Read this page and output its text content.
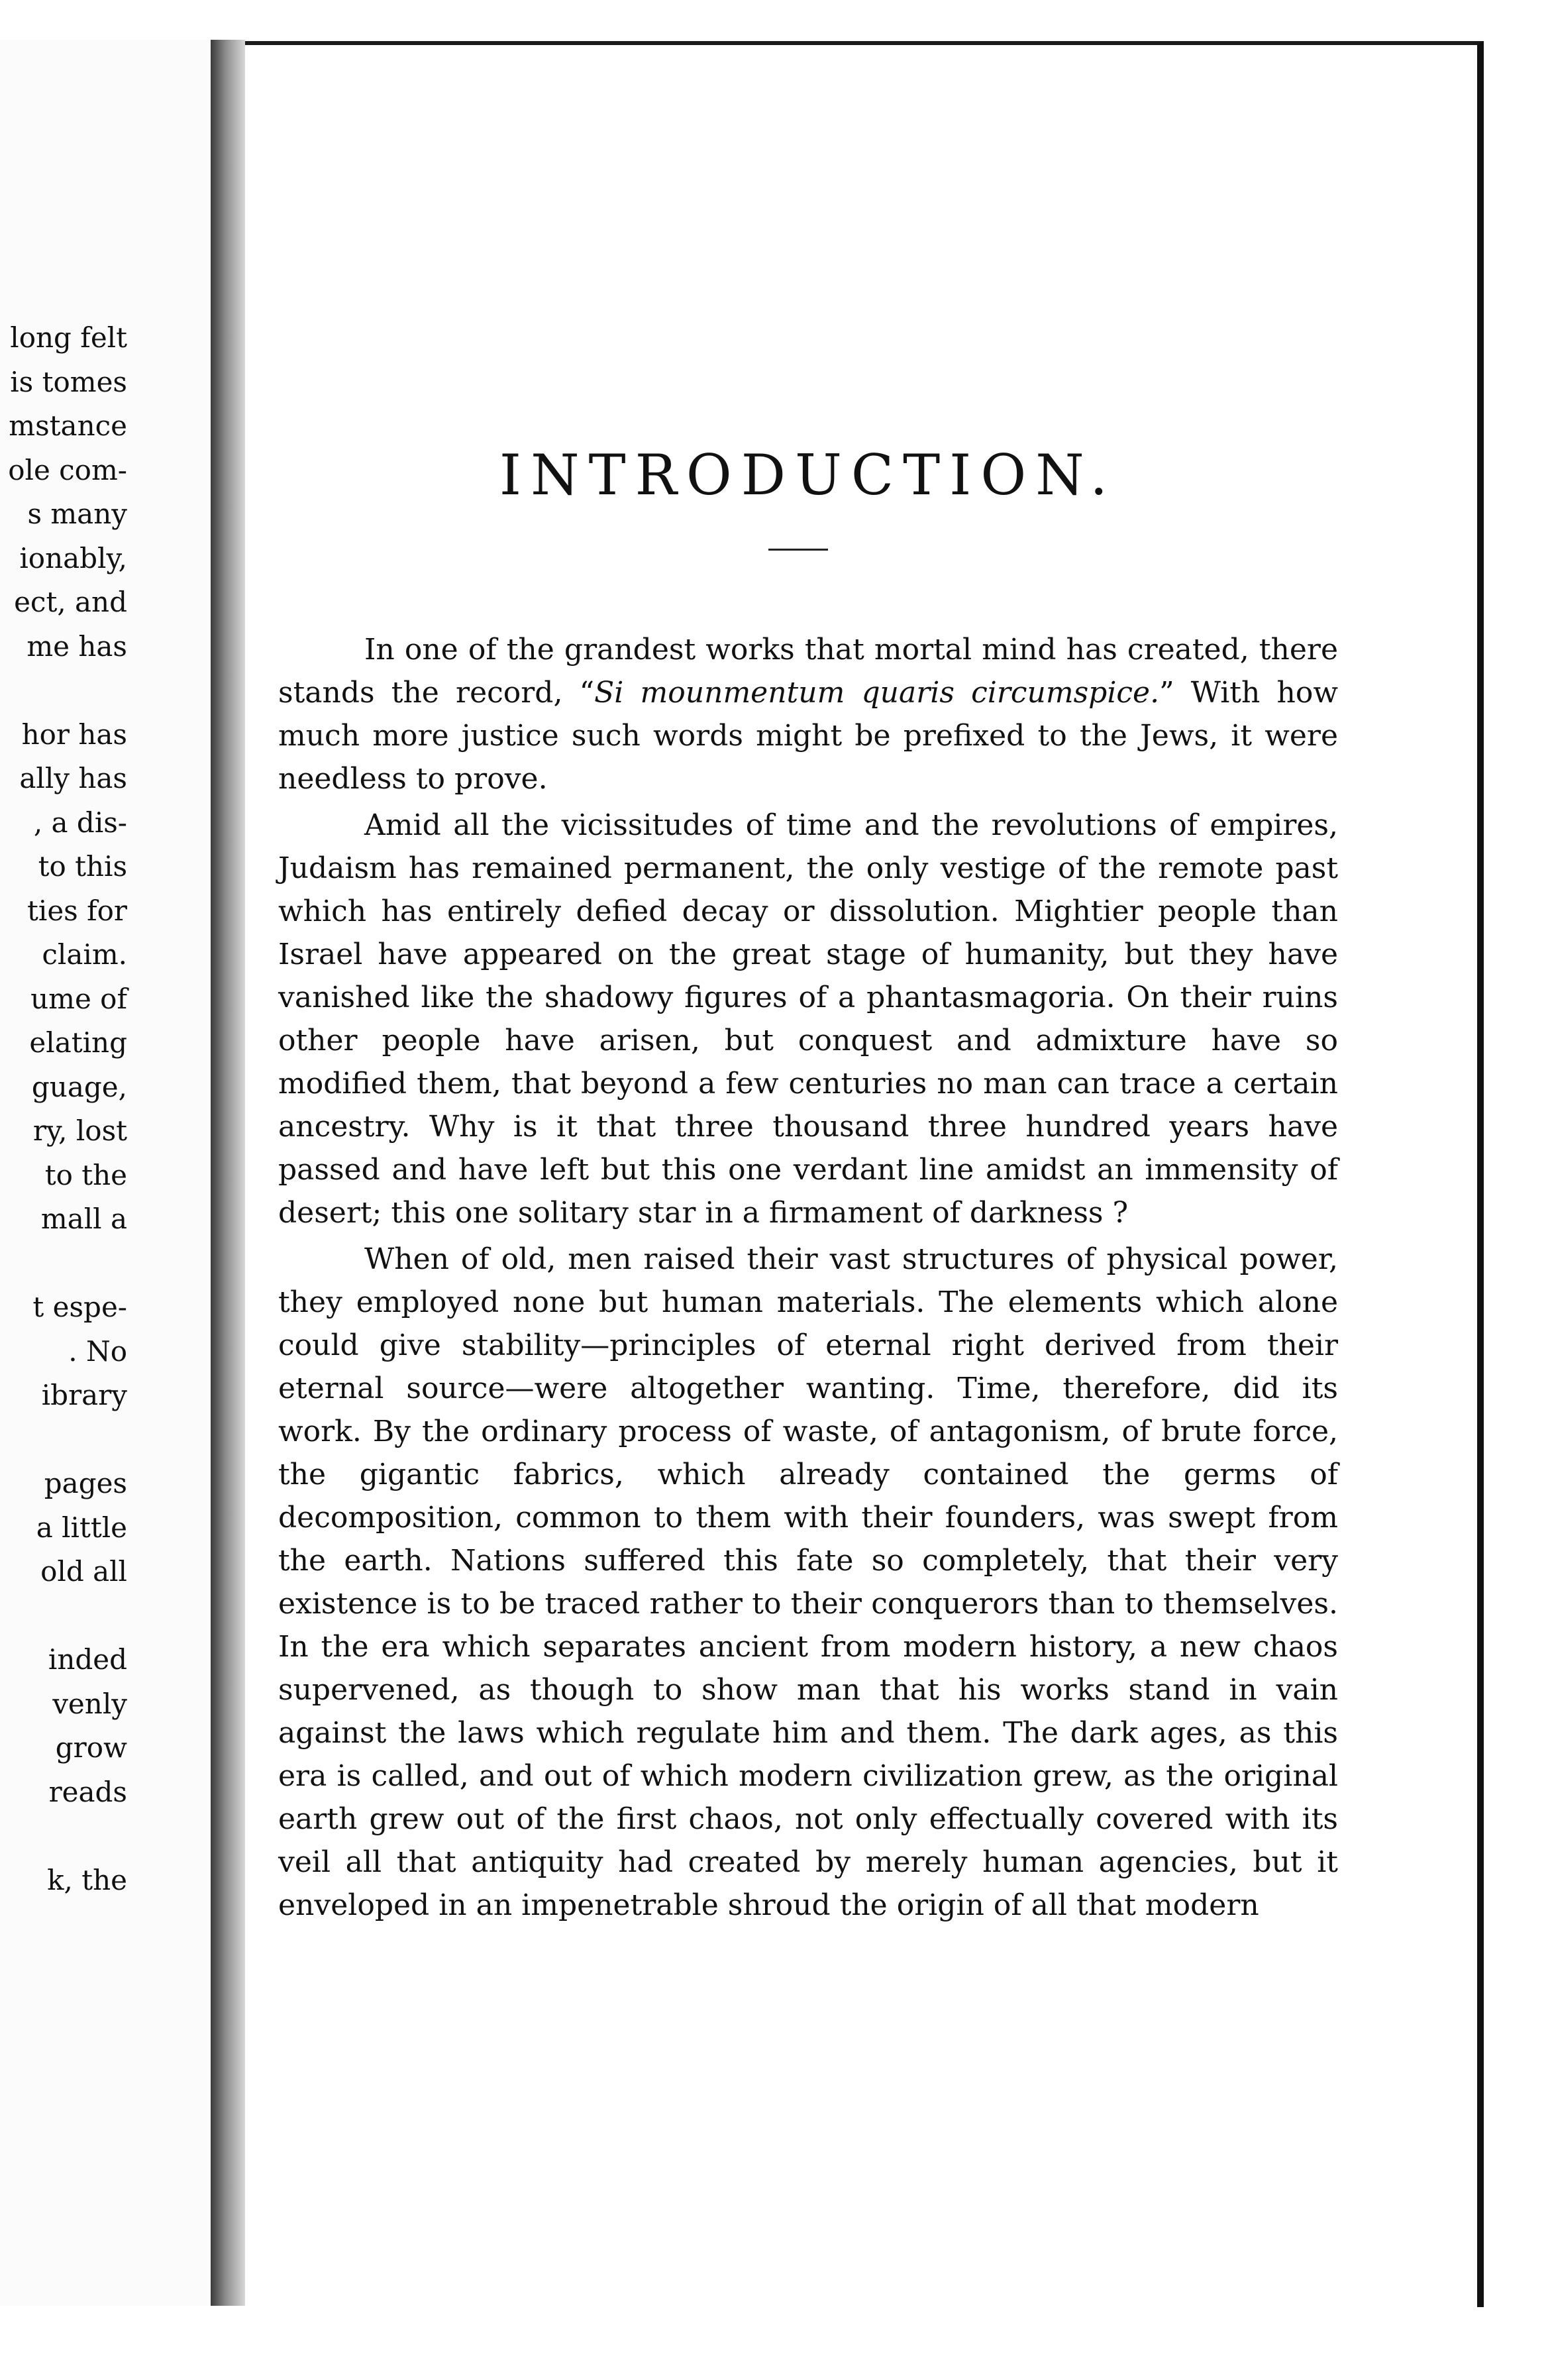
long felt
is tomes
mstance
ole com-
s many
ionably,
ect, and
me has
hor has
ally has
, a dis-
to this
ties for
claim.
ume of
elating
guage,
ry, lost
to the
mall a
t espe-
. No
ibrary
pages
a little
old all
inded
venly
grow
reads
k, the
INTRODUCTION.

In one of the grandest works that mortal mind has created, there stands the record, “Si mounmentum quaris circumspice.” With how much more justice such words might be prefixed to the Jews, it were needless to prove.

Amid all the vicissitudes of time and the revolutions of empires, Judaism has remained permanent, the only vestige of the remote past which has entirely defied decay or dissolution. Mightier people than Israel have appeared on the great stage of humanity, but they have vanished like the shadowy figures of a phantasmagoria. On their ruins other people have arisen, but conquest and admixture have so modified them, that beyond a few centuries no man can trace a certain ancestry. Why is it that three thousand three hundred years have passed and have left but this one verdant line amidst an immensity of desert; this one solitary star in a firmament of darkness ?

When of old, men raised their vast structures of physical power, they employed none but human materials. The elements which alone could give stability—principles of eternal right derived from their eternal source—were altogether wanting. Time, therefore, did its work. By the ordinary process of waste, of antagonism, of brute force, the gigantic fabrics, which already contained the germs of decomposition, common to them with their founders, was swept from the earth. Nations suffered this fate so completely, that their very existence is to be traced rather to their conquerors than to themselves. In the era which separates ancient from modern history, a new chaos supervened, as though to show man that his works stand in vain against the laws which regulate him and them. The dark ages, as this era is called, and out of which modern civilization grew, as the original earth grew out of the first chaos, not only effectually covered with its veil all that antiquity had created by merely human agencies, but it enveloped in an impenetrable shroud the origin of all that modern
